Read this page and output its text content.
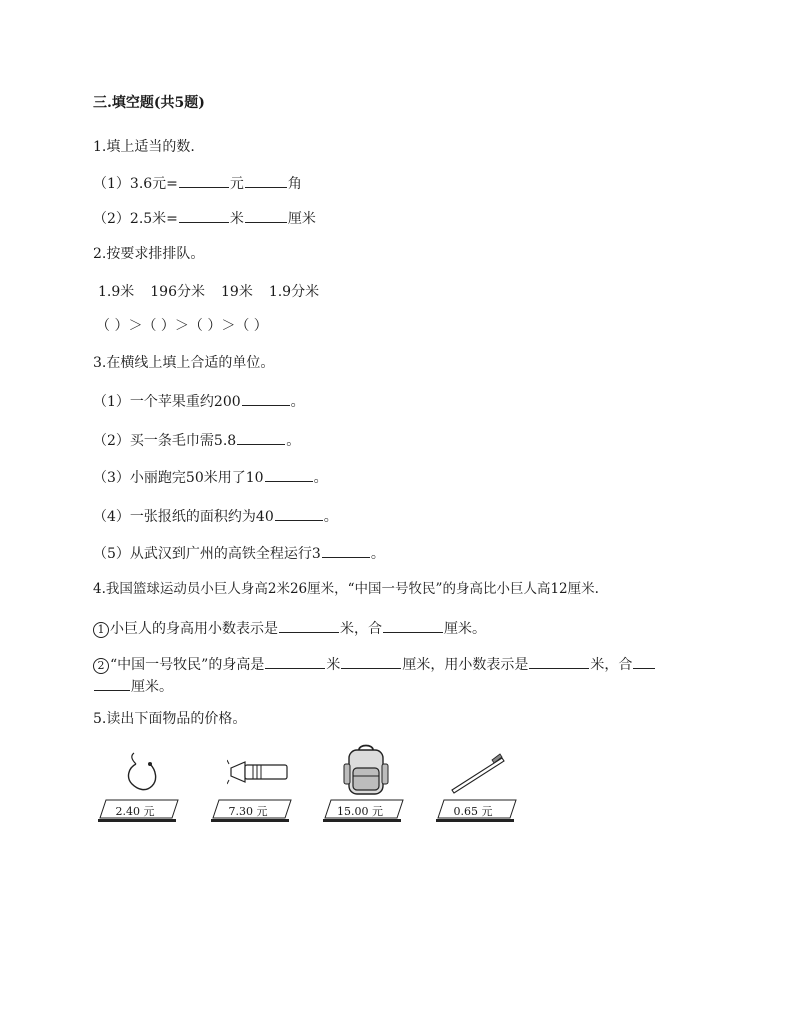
三.填空题(共5题)
1.填上适当的数.
（1）3.6元=	元	角
（2）2.5米=	米	厘米
2.按要求排排队。
1.9米 196分米 19米 1.9分米
（ ）＞（ ）＞（ ）＞（ ）
3.在横线上填上合适的单位。
（1）一个苹果重约200	。
（2）买一条毛巾需5.8	。
（3）小丽跑完50米用了10	。
（4）一张报纸的面积约为40	。
（5）从武汉到广州的高铁全程运行3	。
4.我国篮球运动员小巨人身高2米26厘米，“中国一号牧民”的身高比小巨人高12厘米.
1 小巨人的身高用小数表示是	米，合	厘米。
2 “中国一号牧民”的身高是	米	厘米，用小数表示是	米，合
厘米。
5.读出下面物品的价格。
2.40 元	7.30 元	15.00 元	0.65 元
